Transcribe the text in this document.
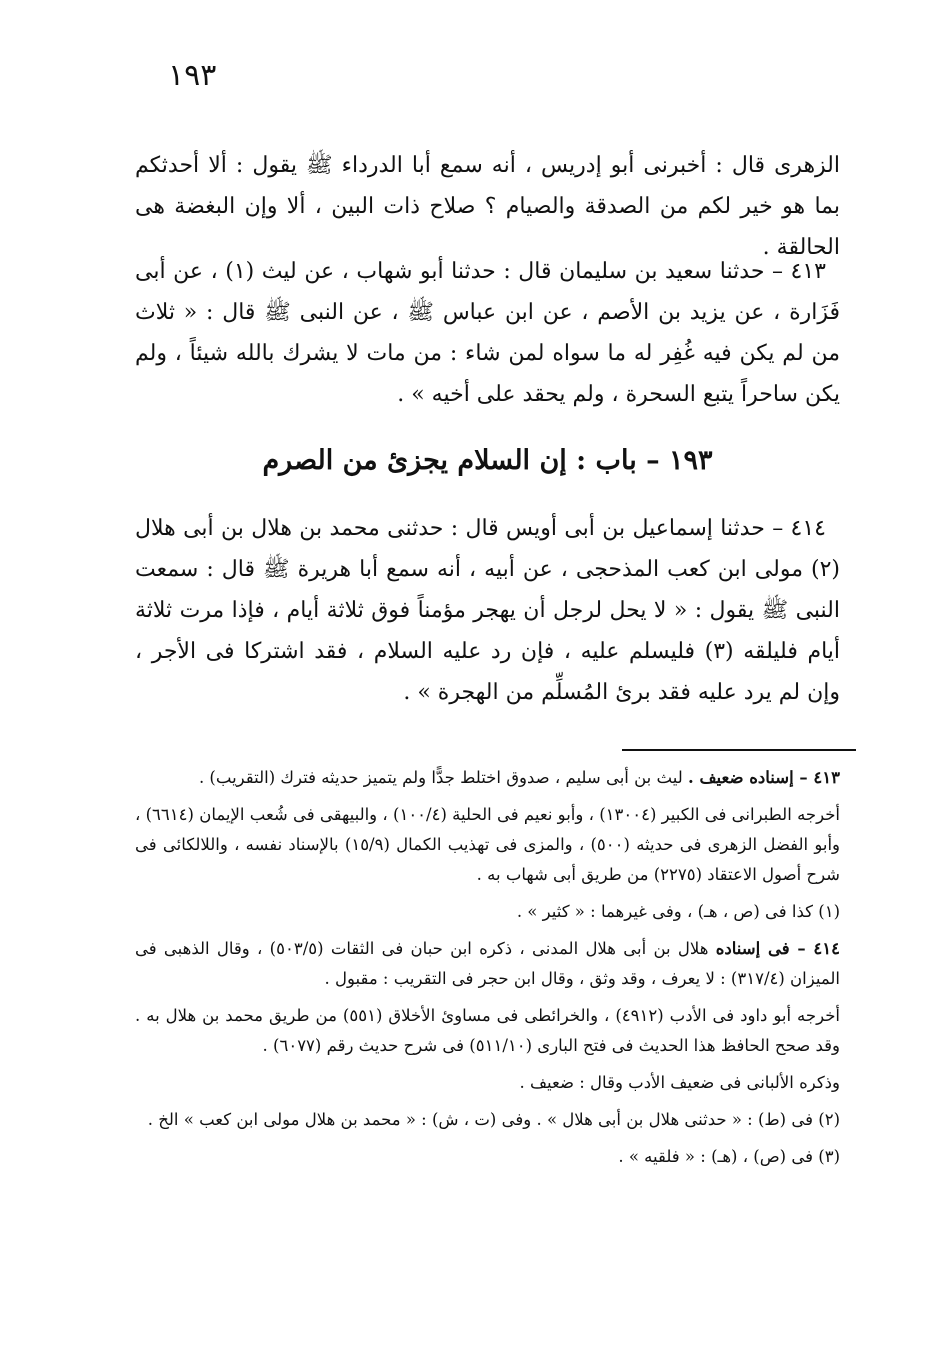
١٩٣

الزهرى قال : أخبرنى أبو إدريس ، أنه سمع أبا الدرداء ﷺ يقول : ألا أحدثكم بما هو خير لكم من الصدقة والصيام ؟ صلاح ذات البين ، ألا وإن البغضة هى الحالقة .

٤١٣ – حدثنا سعيد بن سليمان قال : حدثنا أبو شهاب ، عن ليث (١) ، عن أبى فَزَارة ، عن يزيد بن الأصم ، عن ابن عباس ﷺ ، عن النبى ﷺ قال : « ثلاث من لم يكن فيه غُفِر له ما سواه لمن شاء : من مات لا يشرك بالله شيئاً ، ولم يكن ساحراً يتبع السحرة ، ولم يحقد على أخيه » .

١٩٣ – باب : إن السلام يجزئ من الصرم

٤١٤ – حدثنا إسماعيل بن أبى أويس قال : حدثنى محمد بن هلال بن أبى هلال (٢) مولى ابن كعب المذحجى ، عن أبيه ، أنه سمع أبا هريرة ﷺ قال : سمعت النبى ﷺ يقول : « لا يحل لرجل أن يهجر مؤمناً فوق ثلاثة أيام ، فإذا مرت ثلاثة أيام فليلقه (٣) فليسلم عليه ، فإن رد عليه السلام ، فقد اشتركا فى الأجر ، وإن لم يرد عليه فقد برئ المُسلِّم من الهجرة » .

٤١٣ – إسناده ضعيف . ليث بن أبى سليم ، صدوق اختلط جدًّا ولم يتميز حديثه فترك (التقريب) .

أخرجه الطبرانى فى الكبير (١٣٠٠٤) ، وأبو نعيم فى الحلية (١٠٠/٤) ، والبيهقى فى شُعب الإيمان (٦٦١٤) ، وأبو الفضل الزهرى فى حديثه (٥٠٠) ، والمزى فى تهذيب الكمال (١٥/٩) بالإسناد نفسه ، واللالكائى فى شرح أصول الاعتقاد (٢٢٧٥) من طريق أبى شهاب به .

(١) كذا فى (ص ، هـ) ، وفى غيرهما : « كثير » .

٤١٤ – فى إسناده هلال بن أبى هلال المدنى ، ذكره ابن حبان فى الثقات (٥٠٣/٥) ، وقال الذهبى فى الميزان (٣١٧/٤) : لا يعرف ، وقد وثق ، وقال ابن حجر فى التقريب : مقبول .

أخرجه أبو داود فى الأدب (٤٩١٢) ، والخرائطى فى مساوئ الأخلاق (٥٥١) من طريق محمد بن هلال به . وقد صحح الحافظ هذا الحديث فى فتح البارى (٥١١/١٠) فى شرح حديث رقم (٦٠٧٧) .

وذكره الألبانى فى ضعيف الأدب وقال : ضعيف .

(٢) فى (ط) : « حدثنى هلال بن أبى هلال » . وفى (ت ، ش) : « محمد بن هلال مولى ابن كعب » الخ .

(٣) فى (ص) ، (هـ) : « فلقيه » .
